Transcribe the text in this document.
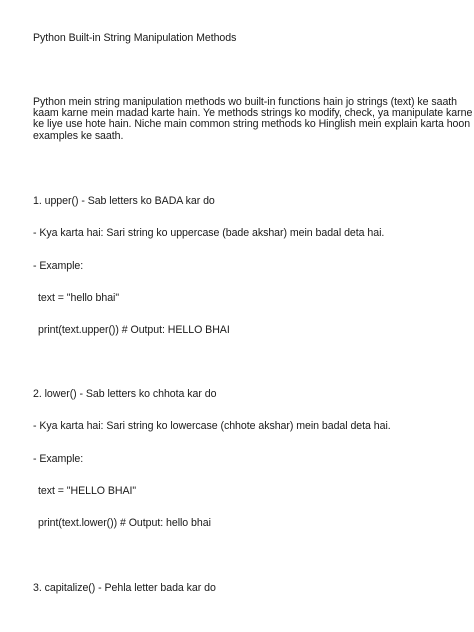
Python Built-in String Manipulation Methods
Python mein string manipulation methods wo built-in functions hain jo strings (text) ke saath
kaam karne mein madad karte hain. Ye methods strings ko modify, check, ya manipulate karne
ke liye use hote hain. Niche main common string methods ko Hinglish mein explain karta hoon
examples ke saath.
1. upper() - Sab letters ko BADA kar do
- Kya karta hai: Sari string ko uppercase (bade akshar) mein badal deta hai.
- Example:
text = "hello bhai"
print(text.upper()) # Output: HELLO BHAI
2. lower() - Sab letters ko chhota kar do
- Kya karta hai: Sari string ko lowercase (chhote akshar) mein badal deta hai.
- Example:
text = "HELLO BHAI"
print(text.lower()) # Output: hello bhai
3. capitalize() - Pehla letter bada kar do
